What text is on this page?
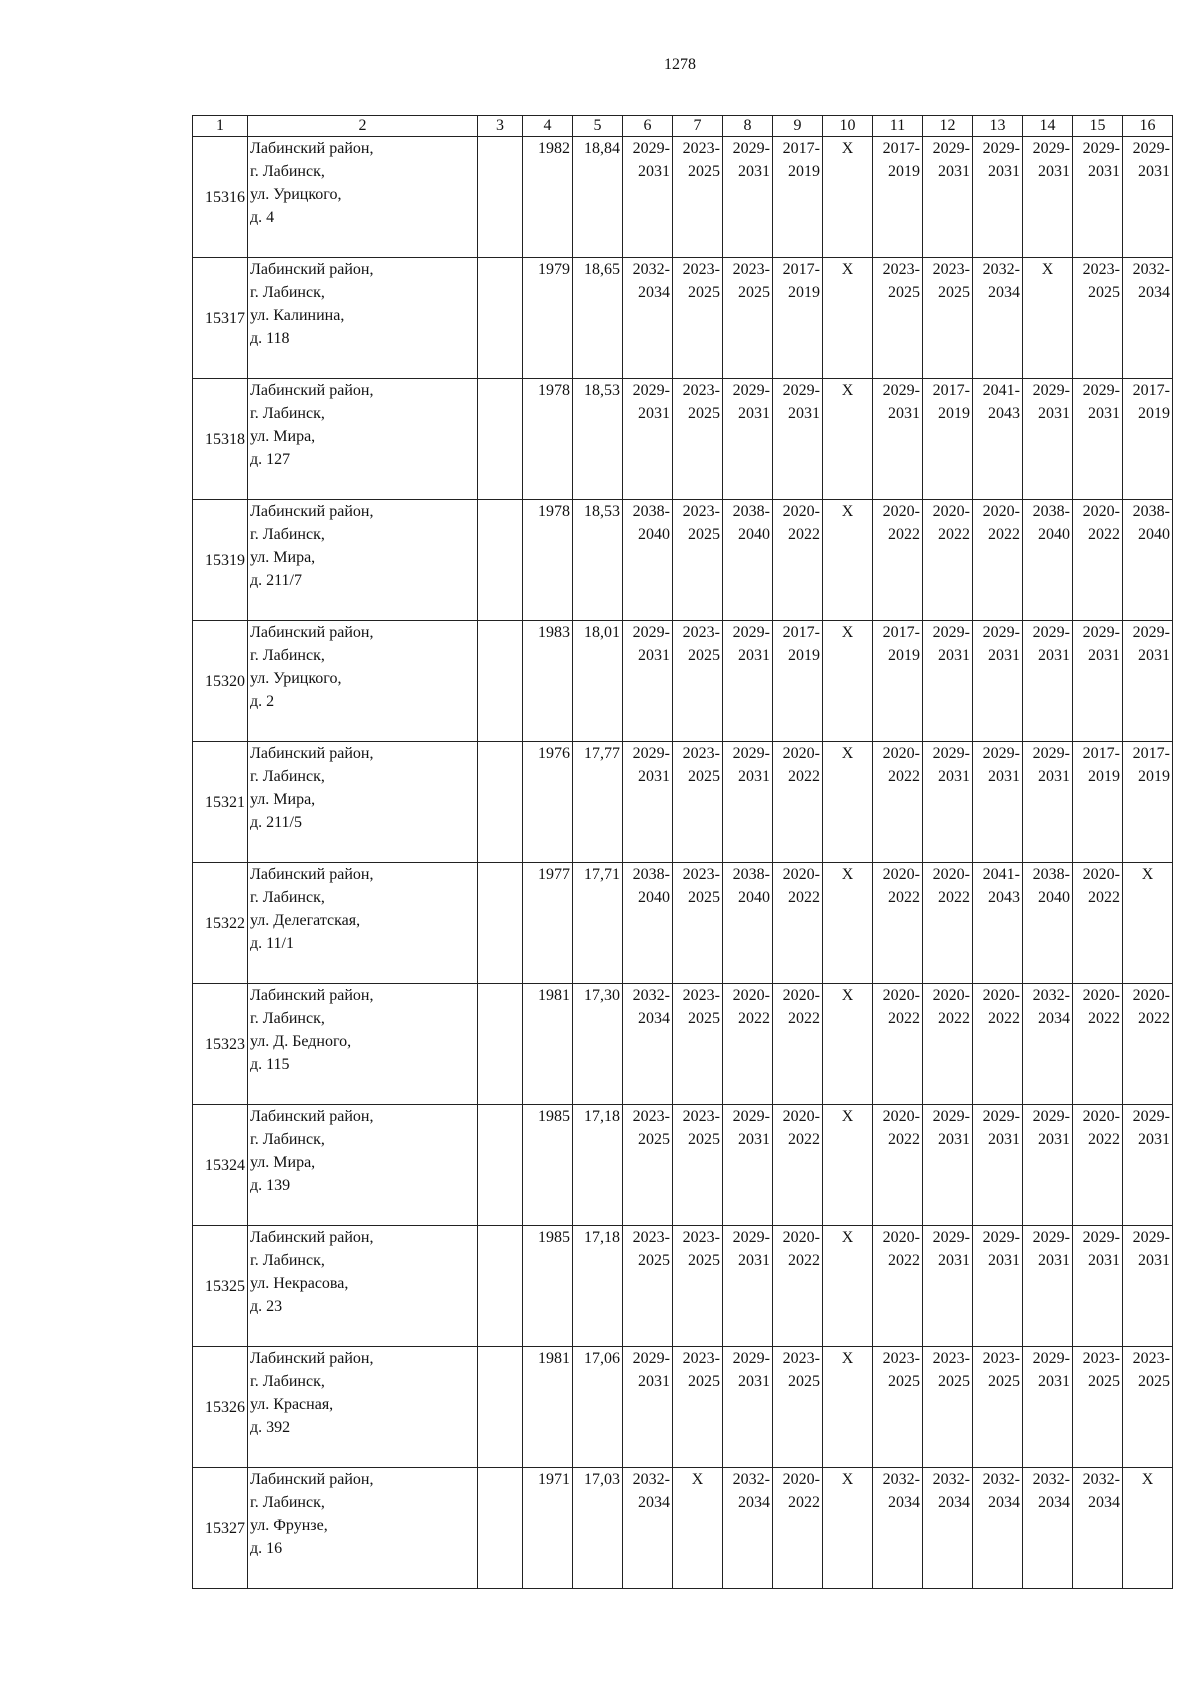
1278
1	2	3	4	5	6	7	8	9	10	11	12	13	14	15	16

15316	Лабинский район,
г. Лабинск,
ул. Урицкого,
д. 4		1982	18,84	2029-
2031	2023-
2025	2029-
2031	2017-
2019	X	2017-
2019	2029-
2031	2029-
2031	2029-
2031	2029-
2031	2029-
2031

15317	Лабинский район,
г. Лабинск,
ул. Калинина,
д. 118		1979	18,65	2032-
2034	2023-
2025	2023-
2025	2017-
2019	X	2023-
2025	2023-
2025	2032-
2034	X	2023-
2025	2032-
2034

15318	Лабинский район,
г. Лабинск,
ул. Мира,
д. 127		1978	18,53	2029-
2031	2023-
2025	2029-
2031	2029-
2031	X	2029-
2031	2017-
2019	2041-
2043	2029-
2031	2029-
2031	2017-
2019

15319	Лабинский район,
г. Лабинск,
ул. Мира,
д. 211/7		1978	18,53	2038-
2040	2023-
2025	2038-
2040	2020-
2022	X	2020-
2022	2020-
2022	2020-
2022	2038-
2040	2020-
2022	2038-
2040

15320	Лабинский район,
г. Лабинск,
ул. Урицкого,
д. 2		1983	18,01	2029-
2031	2023-
2025	2029-
2031	2017-
2019	X	2017-
2019	2029-
2031	2029-
2031	2029-
2031	2029-
2031	2029-
2031

15321	Лабинский район,
г. Лабинск,
ул. Мира,
д. 211/5		1976	17,77	2029-
2031	2023-
2025	2029-
2031	2020-
2022	X	2020-
2022	2029-
2031	2029-
2031	2029-
2031	2017-
2019	2017-
2019

15322	Лабинский район,
г. Лабинск,
ул. Делегатская,
д. 11/1		1977	17,71	2038-
2040	2023-
2025	2038-
2040	2020-
2022	X	2020-
2022	2020-
2022	2041-
2043	2038-
2040	2020-
2022	X

15323	Лабинский район,
г. Лабинск,
ул. Д. Бедного,
д. 115		1981	17,30	2032-
2034	2023-
2025	2020-
2022	2020-
2022	X	2020-
2022	2020-
2022	2020-
2022	2032-
2034	2020-
2022	2020-
2022

15324	Лабинский район,
г. Лабинск,
ул. Мира,
д. 139		1985	17,18	2023-
2025	2023-
2025	2029-
2031	2020-
2022	X	2020-
2022	2029-
2031	2029-
2031	2029-
2031	2020-
2022	2029-
2031

15325	Лабинский район,
г. Лабинск,
ул. Некрасова,
д. 23		1985	17,18	2023-
2025	2023-
2025	2029-
2031	2020-
2022	X	2020-
2022	2029-
2031	2029-
2031	2029-
2031	2029-
2031	2029-
2031

15326	Лабинский район,
г. Лабинск,
ул. Красная,
д. 392		1981	17,06	2029-
2031	2023-
2025	2029-
2031	2023-
2025	X	2023-
2025	2023-
2025	2023-
2025	2029-
2031	2023-
2025	2023-
2025

15327	Лабинский район,
г. Лабинск,
ул. Фрунзе,
д. 16		1971	17,03	2032-
2034	X	2032-
2034	2020-
2022	X	2032-
2034	2032-
2034	2032-
2034	2032-
2034	2032-
2034	X
